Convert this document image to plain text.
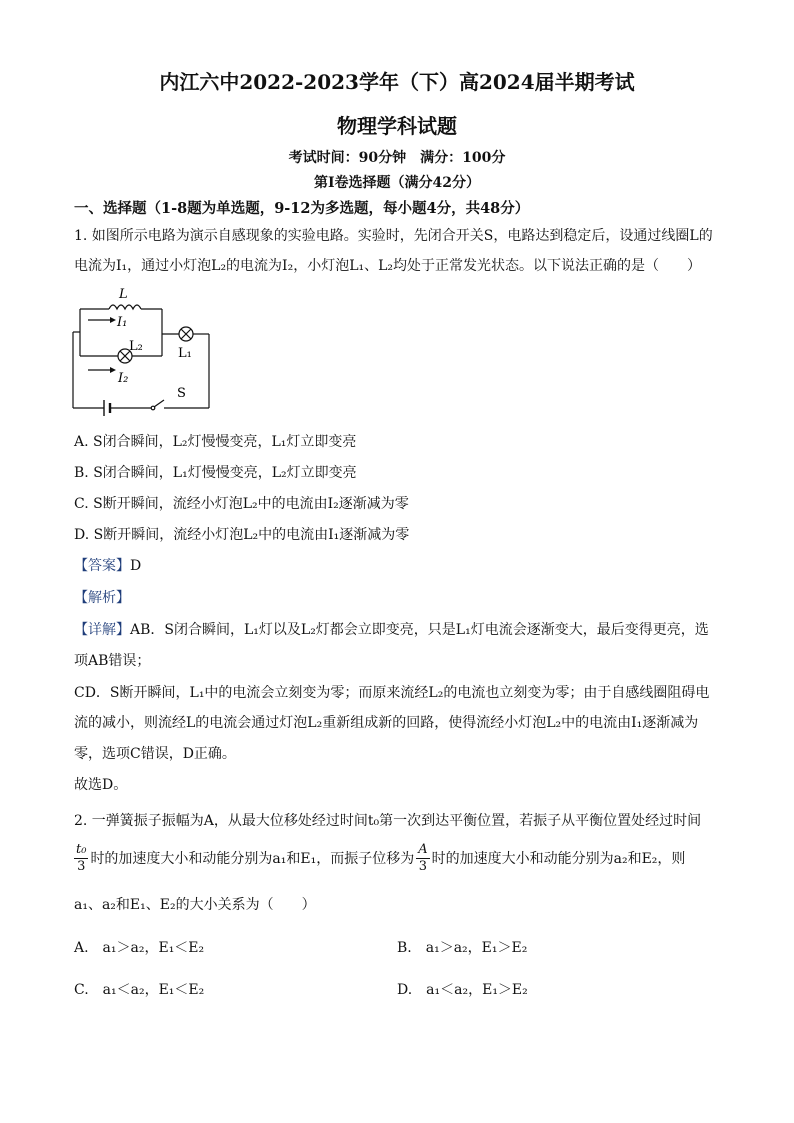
内江六中2022-2023学年（下）高2024届半期考试
物理学科试题
考试时间：90分钟　满分：100分
第Ⅰ卷选择题（满分42分）
一、选择题（1-8题为单选题，9-12为多选题，每小题4分，共48分）
1. 如图所示电路为演示自感现象的实验电路。实验时，先闭合开关S，电路达到稳定后，设通过线圈L的
电流为I₁，通过小灯泡L₂的电流为I₂，小灯泡L₁、L₂均处于正常发光状态。以下说法正确的是（　　）
L
I₁
L₂	L₁
I₂
S
A. S闭合瞬间，L₂灯慢慢变亮，L₁灯立即变亮
B. S闭合瞬间，L₁灯慢慢变亮，L₂灯立即变亮
C. S断开瞬间，流经小灯泡L₂中的电流由I₂逐渐减为零
D. S断开瞬间，流经小灯泡L₂中的电流由I₁逐渐减为零
【答案】D
【解析】
【详解】AB．S闭合瞬间，L₁灯以及L₂灯都会立即变亮，只是L₁灯电流会逐渐变大，最后变得更亮，选
项AB错误；
CD．S断开瞬间，L₁中的电流会立刻变为零；而原来流经L₂的电流也立刻变为零；由于自感线圈阻碍电
流的减小，则流经L的电流会通过灯泡L₂重新组成新的回路，使得流经小灯泡L₂中的电流由I₁逐渐减为
零，选项C错误，D正确。
故选D。
2. 一弹簧振子振幅为A，从最大位移处经过时间t₀第一次到达平衡位置，若振子从平衡位置处经过时间
$\frac{\text{t₀}}{3}$ 时的加速度大小和动能分别为a₁和E₁，而振子位移为 $\frac{A}{3}$ 时的加速度大小和动能分别为a₂和E₂，则
a₁、a₂和E₁、E₂的大小关系为（　　）
A.　a₁＞a₂，E₁＜E₂	B.　a₁＞a₂，E₁＞E₂
C.　a₁＜a₂，E₁＜E₂	D.　a₁＜a₂，E₁＞E₂
